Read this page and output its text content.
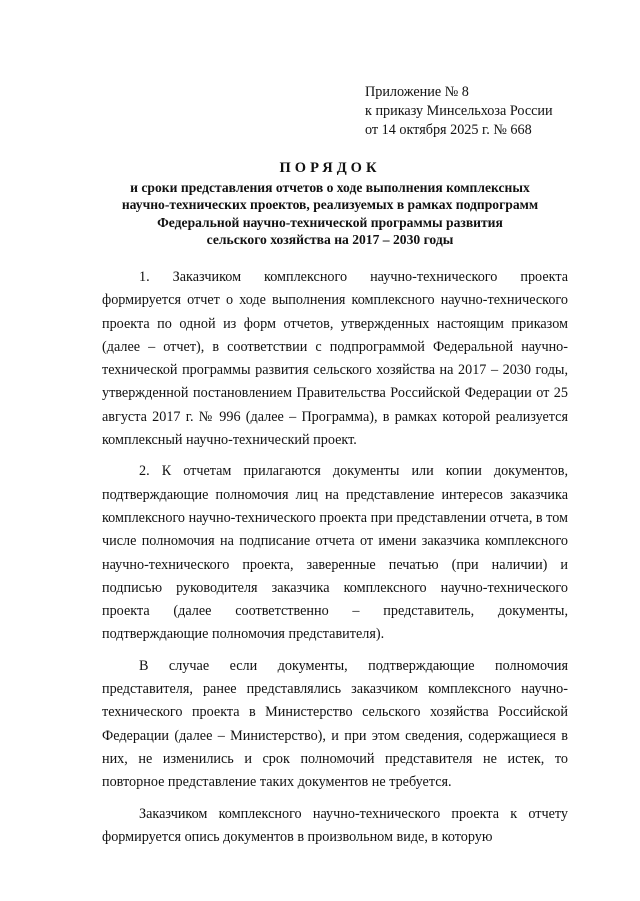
Приложение № 8
к приказу Минсельхоза России
от 14 октября 2025 г. № 668
ПОРЯДОК
и сроки представления отчетов о ходе выполнения комплексных
научно-технических проектов, реализуемых в рамках подпрограмм
Федеральной научно-технической программы развития
сельского хозяйства на 2017 – 2030 годы

1. Заказчиком комплексного научно-технического проекта формируется отчет о ходе выполнения комплексного научно-технического проекта по одной из форм отчетов, утвержденных настоящим приказом (далее – отчет), в соответствии с подпрограммой Федеральной научно-технической программы развития сельского хозяйства на 2017 – 2030 годы, утвержденной постановлением Правительства Российской Федерации от 25 августа 2017 г. № 996 (далее – Программа), в рамках которой реализуется комплексный научно-технический проект.

2. К отчетам прилагаются документы или копии документов, подтверждающие полномочия лиц на представление интересов заказчика комплексного научно-технического проекта при представлении отчета, в том числе полномочия на подписание отчета от имени заказчика комплексного научно-технического проекта, заверенные печатью (при наличии) и подписью руководителя заказчика комплексного научно-технического проекта (далее соответственно – представитель, документы, подтверждающие полномочия представителя).

В случае если документы, подтверждающие полномочия представителя, ранее представлялись заказчиком комплексного научно-технического проекта в Министерство сельского хозяйства Российской Федерации (далее – Министерство), и при этом сведения, содержащиеся в них, не изменились и срок полномочий представителя не истек, то повторное представление таких документов не требуется.

Заказчиком комплексного научно-технического проекта к отчету формируется опись документов в произвольном виде, в которую
